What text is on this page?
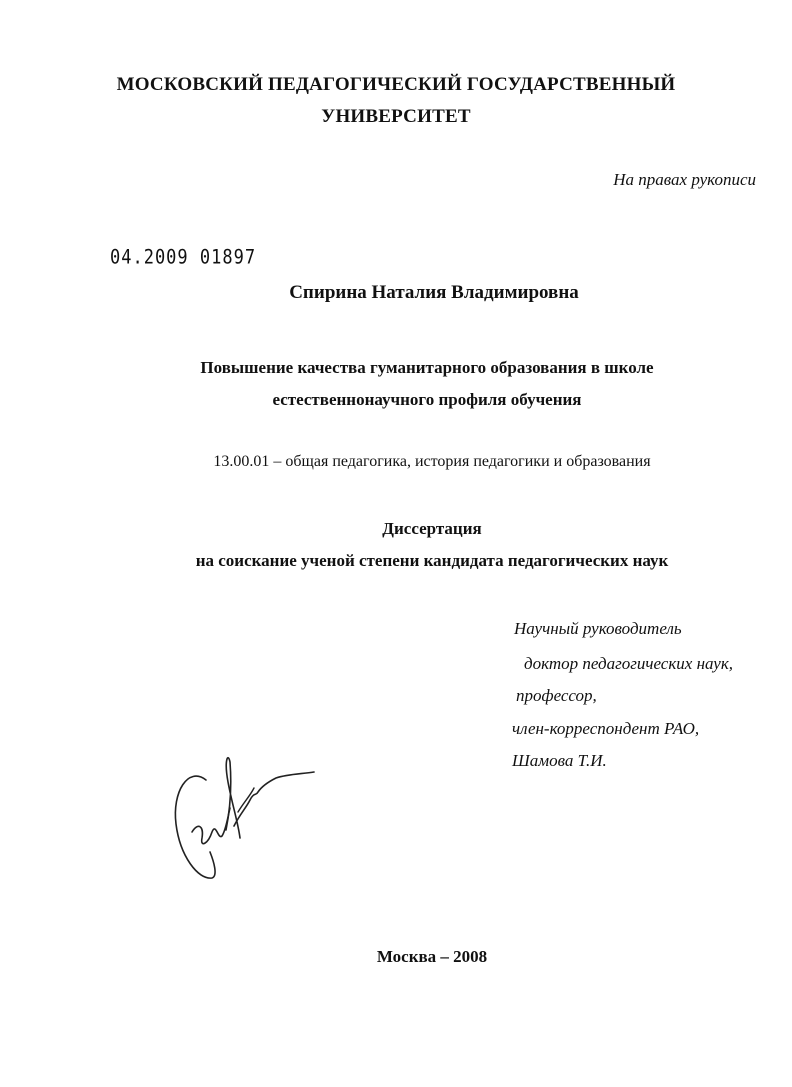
МОСКОВСКИЙ ПЕДАГОГИЧЕСКИЙ ГОСУДАРСТВЕННЫЙ
УНИВЕРСИТЕТ
На правах рукописи
04.2009 01897
Спирина Наталия Владимировна
Повышение качества гуманитарного образования в школе
естественнонаучного профиля обучения
13.00.01 – общая педагогика, история педагогики и образования
Диссертация
на соискание ученой степени кандидата педагогических наук
Научный руководитель
доктор педагогических наук,
профессор,
член-корреспондент РАО,
Шамова Т.И.
Москва – 2008
